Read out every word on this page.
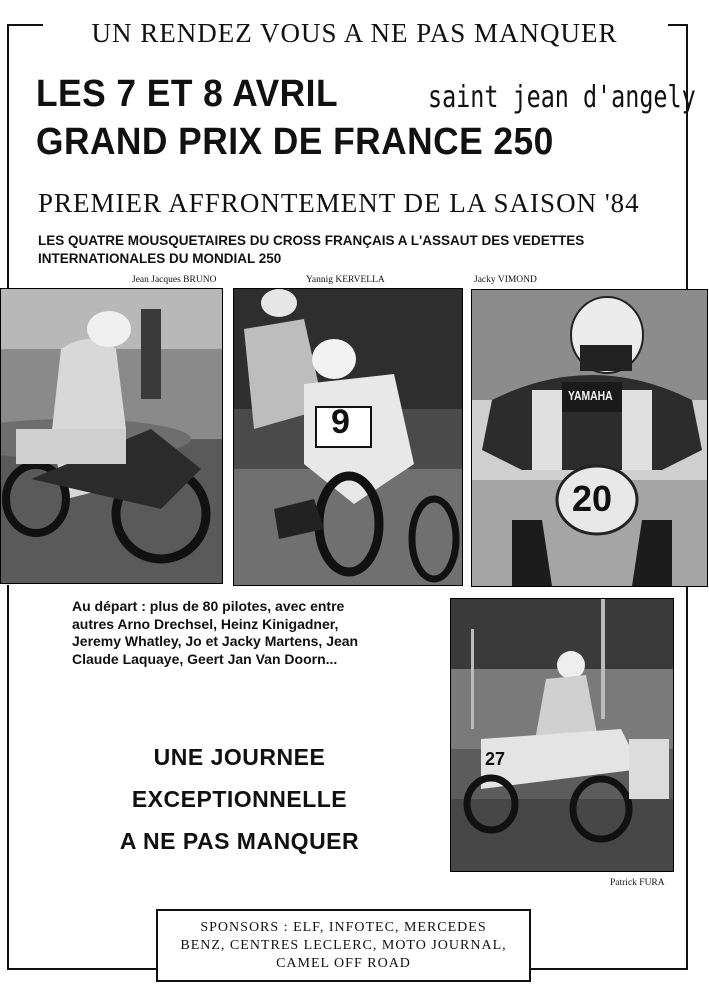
UN RENDEZ VOUS A NE PAS MANQUER
LES 7 ET 8 AVRIL	saint jean d'angely
GRAND PRIX DE FRANCE 250
PREMIER AFFRONTEMENT DE LA SAISON '84
LES QUATRE MOUSQUETAIRES DU CROSS FRANÇAIS A L'ASSAUT DES VEDETTES
INTERNATIONALES DU MONDIAL 250
Jean Jacques BRUNO	Yannig KERVELLA	Jacky VIMOND
9
YAMAHA
20
Au départ : plus de 80 pilotes, avec entre
autres Arno Drechsel, Heinz Kinigadner,
Jeremy Whatley, Jo et Jacky Martens, Jean
Claude Laquaye, Geert Jan Van Doorn...
27
Patrick FURA
UNE JOURNEE
EXCEPTIONNELLE
A NE PAS MANQUER
SPONSORS : ELF, INFOTEC, MERCEDES
BENZ, CENTRES LECLERC, MOTO JOURNAL,
CAMEL OFF ROAD
